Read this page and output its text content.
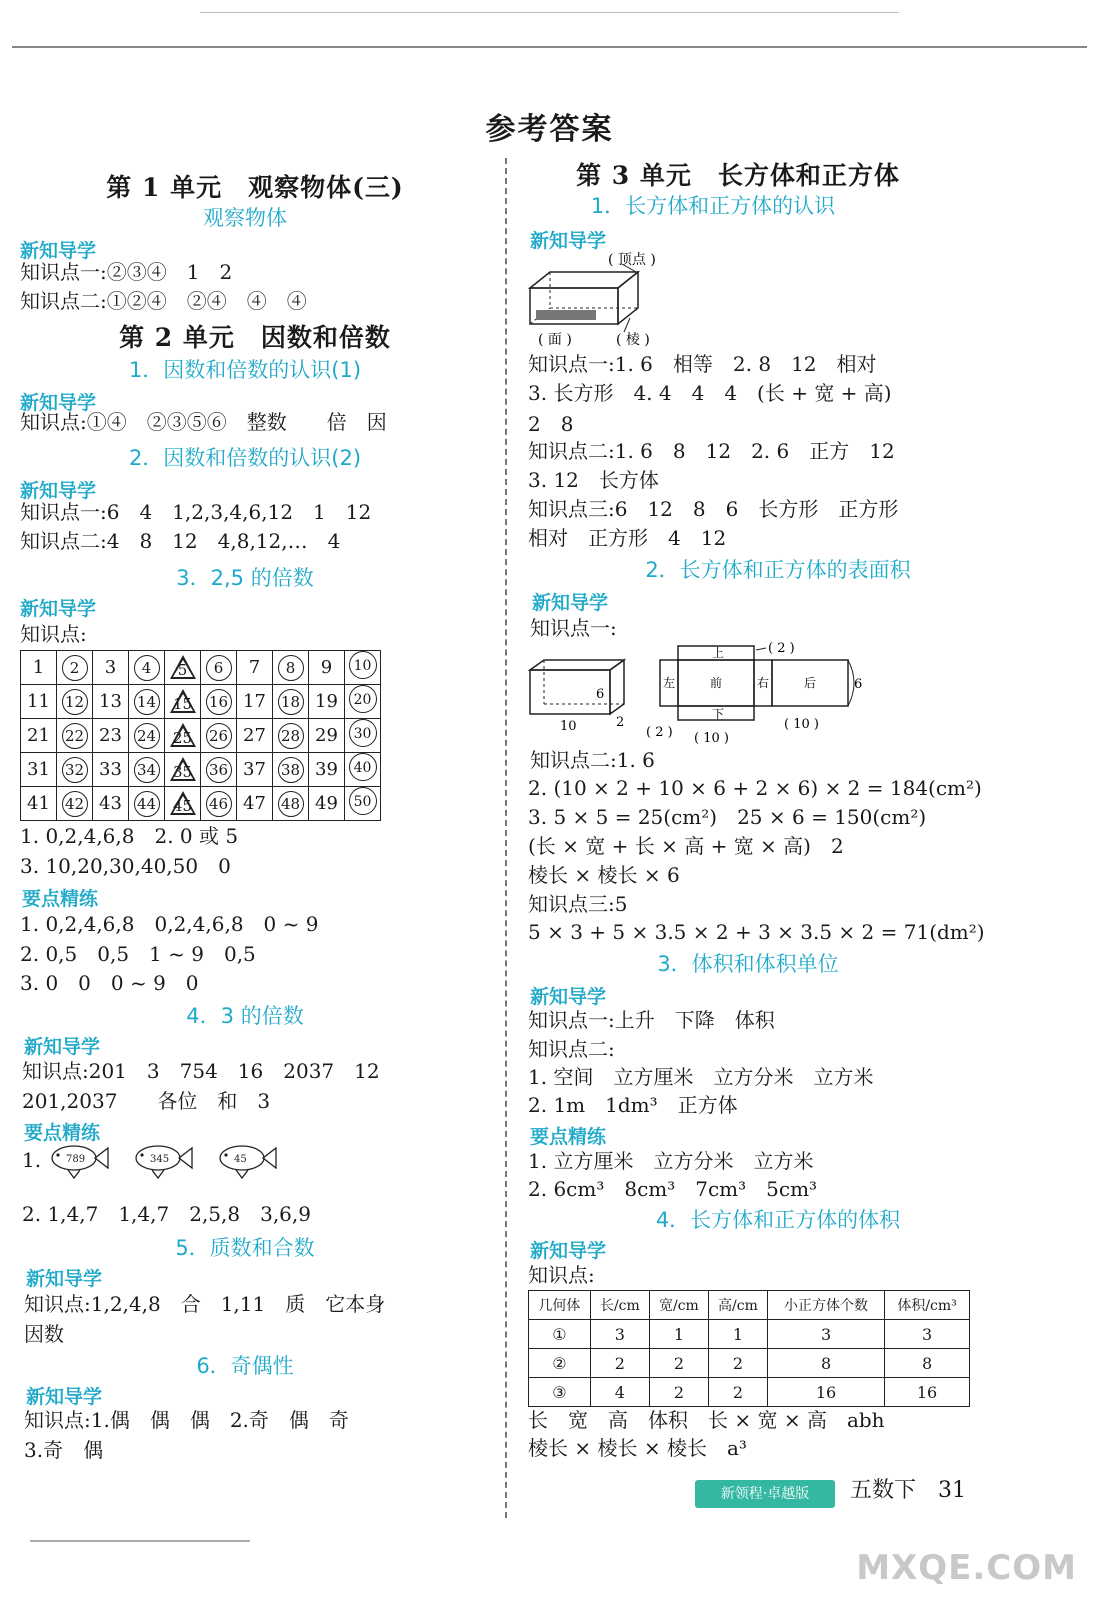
参考答案
第 1 单元　观察物体(三)
观察物体
新知导学
知识点一:②③④　1　2
知识点二:①②④　②④　④　④
第 2 单元　因数和倍数
1．因数和倍数的认识(1)
新知导学
知识点:①④　②③⑤⑥　整数　　倍　因
2．因数和倍数的认识(2)
新知导学
知识点一:6　4　1,2,3,4,6,12　1　12
知识点二:4　8　12　4,8,12,…　4
3．2,5 的倍数
新知导学
知识点:
1	2	3	4	5	6	7	8	9	10
11	12	13	14	15	16	17	18	19	20
21	22	23	24	25	26	27	28	29	30
31	32	33	34	35	36	37	38	39	40
41	42	43	44	45	46	47	48	49	50
1. 0,2,4,6,8　2. 0 或 5
3. 10,20,30,40,50　0
要点精练
1. 0,2,4,6,8　0,2,4,6,8　0 ~ 9
2. 0,5　0,5　1 ~ 9　0,5
3. 0　0　0 ~ 9　0
4．3 的倍数
新知导学
知识点:201　3　754　16　2037　12
201,2037　　各位　和　3
要点精练
1. 789	345	45
2. 1,4,7　1,4,7　2,5,8　3,6,9
5．质数和合数
新知导学
知识点:1,2,4,8　合　1,11　质　它本身
因数
6．奇偶性
新知导学
知识点:1.偶　偶　偶　2.奇　偶　奇
3.奇　偶
第 3 单元　长方体和正方体
1．长方体和正方体的认识
新知导学
( 顶点 )
( 面 )	( 棱 )
知识点一:1. 6　相等　2. 8　12　相对
3. 长方形　4. 4　4　4　(长 + 宽 + 高)
2　8
知识点二:1. 6　8　12　2. 6　正方　12
3. 12　长方体
知识点三:6　12　8　6　长方形　正方形
相对　正方形　4　12
2．长方体和正方体的表面积
新知导学
知识点一:
6
10	2
上
左	前	右	后
下
( 2 )
6
( 2 ) ( 10 )
( 10 )
知识点二:1. 6
2. (10 × 2 + 10 × 6 + 2 × 6) × 2 = 184(cm²)
3. 5 × 5 = 25(cm²)　25 × 6 = 150(cm²)
(长 × 宽 + 长 × 高 + 宽 × 高)　2
棱长 × 棱长 × 6
知识点三:5
5 × 3 + 5 × 3.5 × 2 + 3 × 3.5 × 2 = 71(dm²)
3．体积和体积单位
新知导学
知识点一:上升　下降　体积
知识点二:
1. 空间　立方厘米　立方分米　立方米
2. 1m　1dm³　正方体
要点精练
1. 立方厘米　立方分米　立方米
2. 6cm³　8cm³　7cm³　5cm³
4．长方体和正方体的体积
新知导学
知识点:
几何体	长/cm	宽/cm	高/cm	小正方体个数	体积/cm³
①	3	1	1	3	3
②	2	2	2	8	8
③	4	2	2	16	16
长　宽　高　体积　长 × 宽 × 高　abh
棱长 × 棱长 × 棱长　a³
新领程·卓越版	五数下　31
MXQE.COM
